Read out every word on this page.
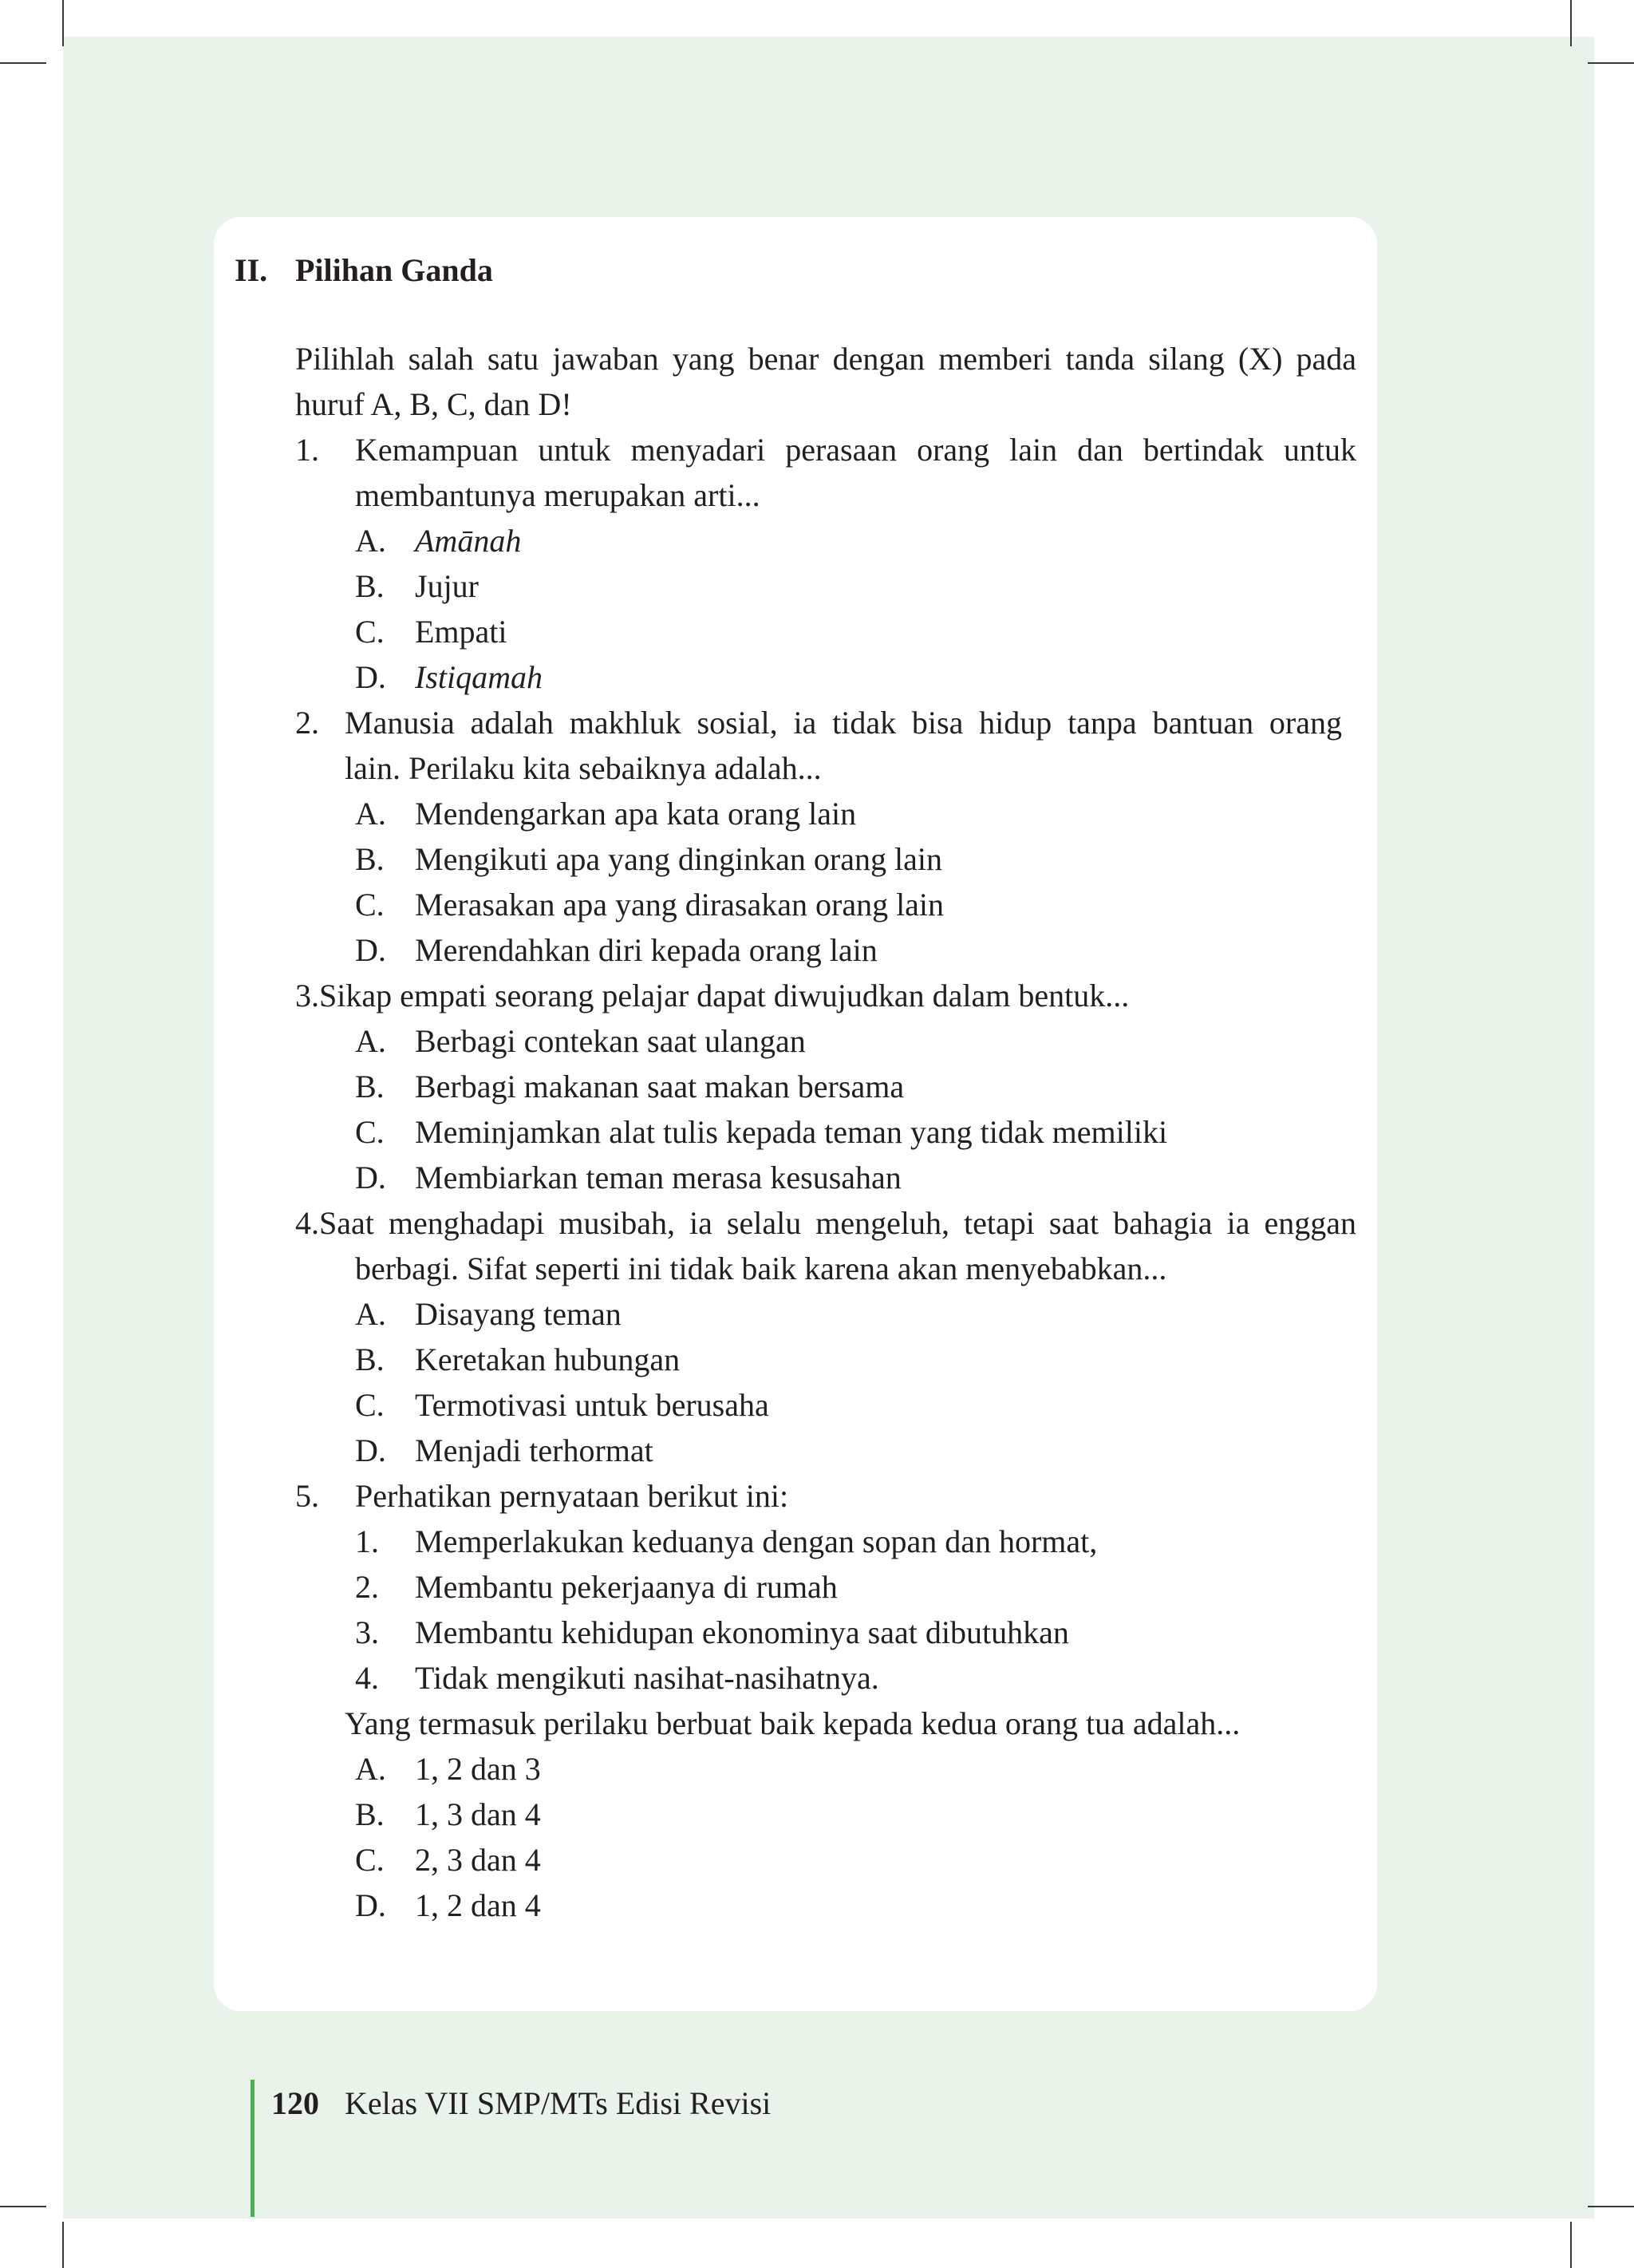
II. Pilihan Ganda
Pilihlah salah satu jawaban yang benar dengan memberi tanda silang (X) pada
huruf A, B, C, dan D!
1. Kemampuan untuk menyadari perasaan orang lain dan bertindak untuk
membantunya merupakan arti...
A. Amānah
B. Jujur
C. Empati
D. Istiqamah
2. Manusia adalah makhluk sosial, ia tidak bisa hidup tanpa bantuan orang
lain. Perilaku kita sebaiknya adalah...
A. Mendengarkan apa kata orang lain
B. Mengikuti apa yang dinginkan orang lain
C. Merasakan apa yang dirasakan orang lain
D. Merendahkan diri kepada orang lain
3.Sikap empati seorang pelajar dapat diwujudkan dalam bentuk...
A. Berbagi contekan saat ulangan
B. Berbagi makanan saat makan bersama
C. Meminjamkan alat tulis kepada teman yang tidak memiliki
D. Membiarkan teman merasa kesusahan
4.Saat menghadapi musibah, ia selalu mengeluh, tetapi saat bahagia ia enggan
berbagi. Sifat seperti ini tidak baik karena akan menyebabkan...
A. Disayang teman
B. Keretakan hubungan
C. Termotivasi untuk berusaha
D. Menjadi terhormat
5. Perhatikan pernyataan berikut ini:
1. Memperlakukan keduanya dengan sopan dan hormat,
2. Membantu pekerjaanya di rumah
3. Membantu kehidupan ekonominya saat dibutuhkan
4. Tidak mengikuti nasihat-nasihatnya.
Yang termasuk perilaku berbuat baik kepada kedua orang tua adalah...
A. 1, 2 dan 3
B. 1, 3 dan 4
C. 2, 3 dan 4
D. 1, 2 dan 4
120 Kelas VII SMP/MTs Edisi Revisi
